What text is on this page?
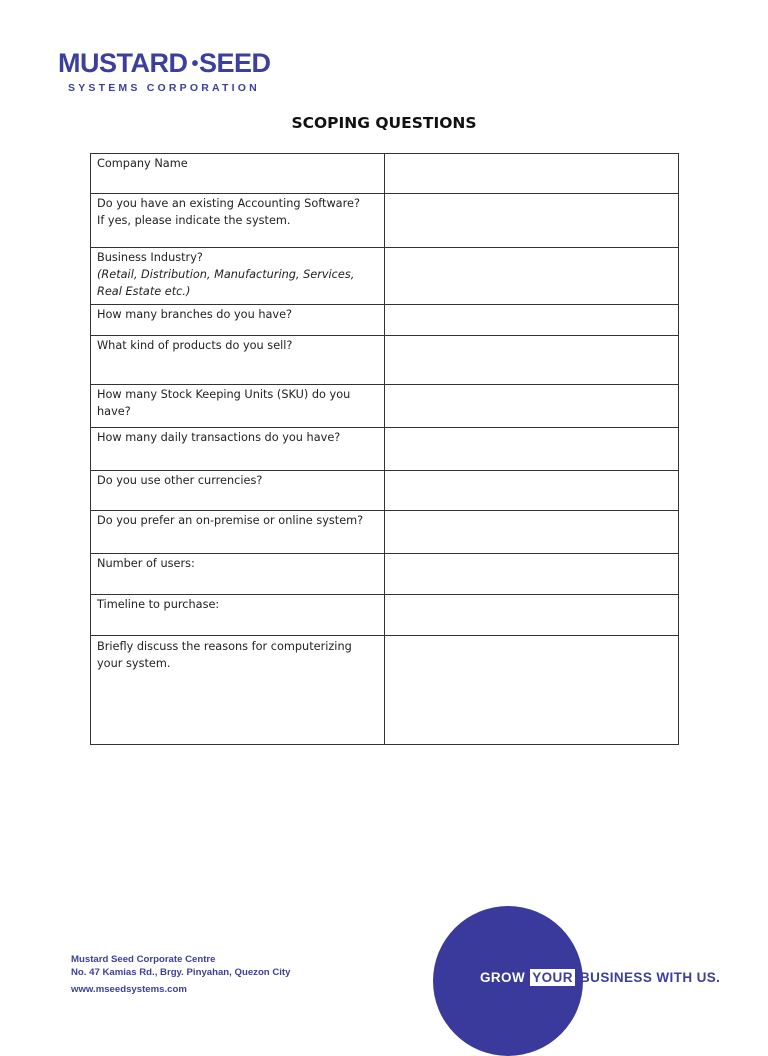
MUSTARD •SEED
SYSTEMS CORPORATION
SCOPING QUESTIONS
Company Name	
Do you have an existing Accounting Software?
If yes, please indicate the system.	
Business Industry?
(Retail, Distribution, Manufacturing, Services, Real Estate etc.)	

How many branches do you have?	
What kind of products do you sell?	
How many Stock Keeping Units (SKU) do you have?	
How many daily transactions do you have?	
Do you use other currencies?	
Do you prefer an on-premise or online system?	
Number of users:	
Timeline to purchase:	
Briefly discuss the reasons for computerizing your system.	
Mustard Seed Corporate Centre
No. 47 Kamias Rd., Brgy. Pinyahan, Quezon City
www.mseedsystems.com
GROW YOUR BUSINESS WITH US.
